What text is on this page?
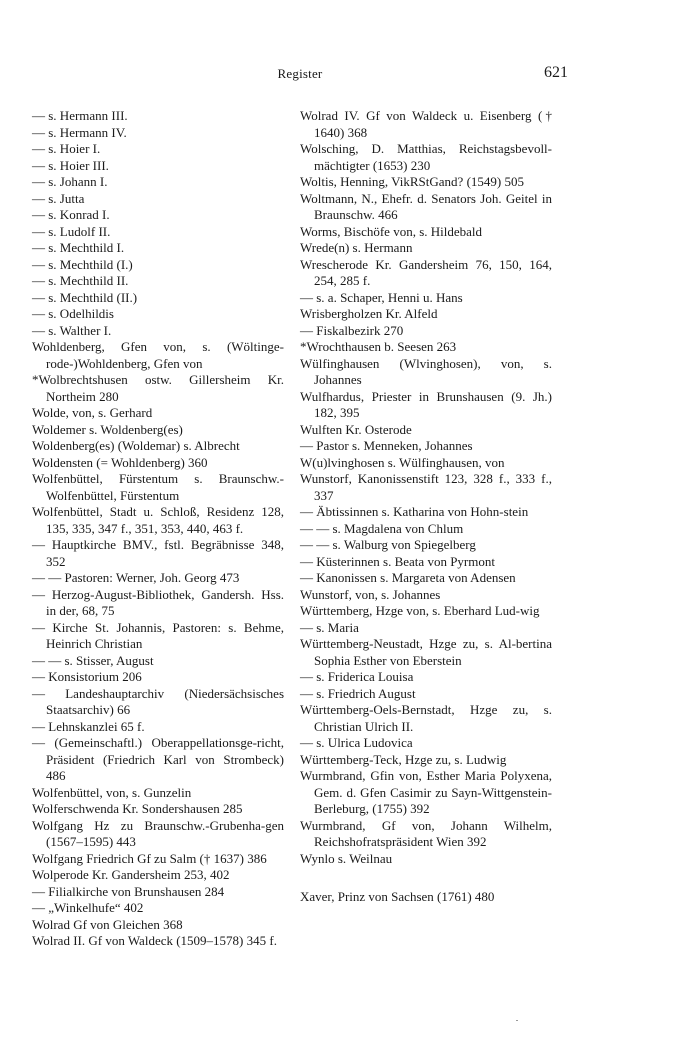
Register	621
— s. Hermann III.
— s. Hermann IV.
— s. Hoier I.
— s. Hoier III.
— s. Johann I.
— s. Jutta
— s. Konrad I.
— s. Ludolf II.
— s. Mechthild I.
— s. Mechthild (I.)
— s. Mechthild II.
— s. Mechthild (II.)
— s. Odelhildis
— s. Walther I.
Wohldenberg, Gfen von, s. (Wöltinge-rode-)Wohldenberg, Gfen von
*Wolbrechtshusen ostw. Gillersheim Kr. Northeim 280
Wolde, von, s. Gerhard
Woldemer s. Woldenberg(es)
Woldenberg(es) (Woldemar) s. Albrecht
Woldensten (= Wohldenberg) 360
Wolfenbüttel, Fürstentum s. Braunschw.-Wolfenbüttel, Fürstentum
Wolfenbüttel, Stadt u. Schloß, Residenz 128, 135, 335, 347 f., 351, 353, 440, 463 f.
— Hauptkirche BMV., fstl. Begräbnisse 348, 352
— — Pastoren: Werner, Joh. Georg 473
— Herzog-August-Bibliothek, Gandersh. Hss. in der, 68, 75
— Kirche St. Johannis, Pastoren: s. Behme, Heinrich Christian
— — s. Stisser, August
— Konsistorium 206
— Landeshauptarchiv (Niedersächsisches Staatsarchiv) 66
— Lehnskanzlei 65 f.
— (Gemeinschaftl.) Oberappellationsge-richt, Präsident (Friedrich Karl von Strombeck) 486
Wolfenbüttel, von, s. Gunzelin
Wolferschwenda Kr. Sondershausen 285
Wolfgang Hz zu Braunschw.-Grubenha-gen (1567–1595) 443
Wolfgang Friedrich Gf zu Salm († 1637) 386
Wolperode Kr. Gandersheim 253, 402
— Filialkirche von Brunshausen 284
— „Winkelhufe“ 402
Wolrad Gf von Gleichen 368
Wolrad II. Gf von Waldeck (1509–1578) 345 f.
Wolrad IV. Gf von Waldeck u. Eisenberg († 1640) 368
Wolsching, D. Matthias, Reichstagsbevoll-mächtigter (1653) 230
Woltis, Henning, VikRStGand? (1549) 505
Woltmann, N., Ehefr. d. Senators Joh. Geitel in Braunschw. 466
Worms, Bischöfe von, s. Hildebald
Wrede(n) s. Hermann
Wrescherode Kr. Gandersheim 76, 150, 164, 254, 285 f.
— s. a. Schaper, Henni u. Hans
Wrisbergholzen Kr. Alfeld
— Fiskalbezirk 270
*Wrochthausen b. Seesen 263
Wülfinghausen (Wlvinghosen), von, s. Johannes
Wulfhardus, Priester in Brunshausen (9. Jh.) 182, 395
Wulften Kr. Osterode
— Pastor s. Menneken, Johannes
W(u)lvinghosen s. Wülfinghausen, von
Wunstorf, Kanonissenstift 123, 328 f., 333 f., 337
— Äbtissinnen s. Katharina von Hohn-stein
— — s. Magdalena von Chlum
— — s. Walburg von Spiegelberg
— Küsterinnen s. Beata von Pyrmont
— Kanonissen s. Margareta von Adensen
Wunstorf, von, s. Johannes
Württemberg, Hzge von, s. Eberhard Lud-wig
— s. Maria
Württemberg-Neustadt, Hzge zu, s. Al-bertina Sophia Esther von Eberstein
— s. Friderica Louisa
— s. Friedrich August
Württemberg-Oels-Bernstadt, Hzge zu, s. Christian Ulrich II.
— s. Ulrica Ludovica
Württemberg-Teck, Hzge zu, s. Ludwig
Wurmbrand, Gfin von, Esther Maria Polyxena, Gem. d. Gfen Casimir zu Sayn-Wittgenstein-Berleburg, (1755) 392
Wurmbrand, Gf von, Johann Wilhelm, Reichshofratspräsident Wien 392
Wynlo s. Weilnau
Xaver, Prinz von Sachsen (1761) 480
